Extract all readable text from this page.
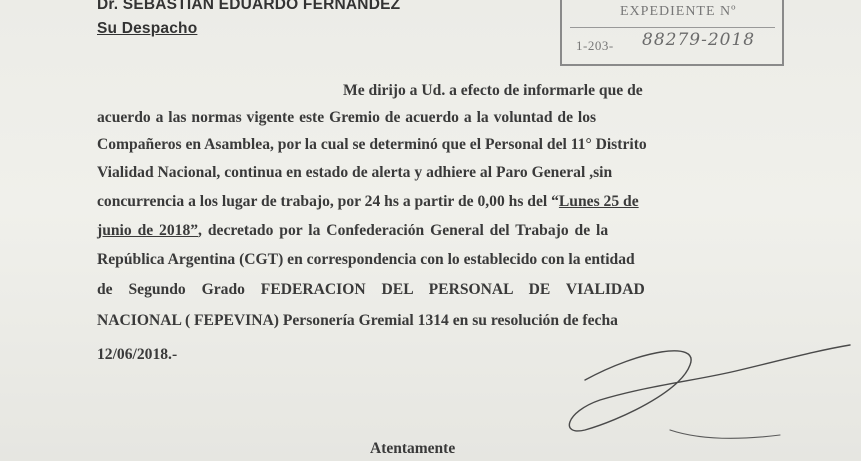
Dr. SEBASTIAN EDUARDO FERNANDEZ
Su Despacho
EXPEDIENTE Nº
1-203- 88279-2018
Me dirijo a Ud. a efecto de informarle que de
acuerdo a las normas vigente este Gremio de acuerdo a la voluntad de los
Compañeros en Asamblea, por la cual se determinó que el Personal del 11° Distrito
Vialidad Nacional, continua en estado de alerta y adhiere al Paro General ,sin
concurrencia a los lugar de trabajo, por 24 hs a partir de 0,00 hs del “Lunes 25 de
junio de 2018”, decretado por la Confederación General del Trabajo de la
República Argentina (CGT) en correspondencia con lo establecido con la entidad
de Segundo Grado FEDERACION DEL PERSONAL DE VIALIDAD
NACIONAL ( FEPEVINA) Personería Gremial 1314 en su resolución de fecha
12/06/2018.-
Atentamente
